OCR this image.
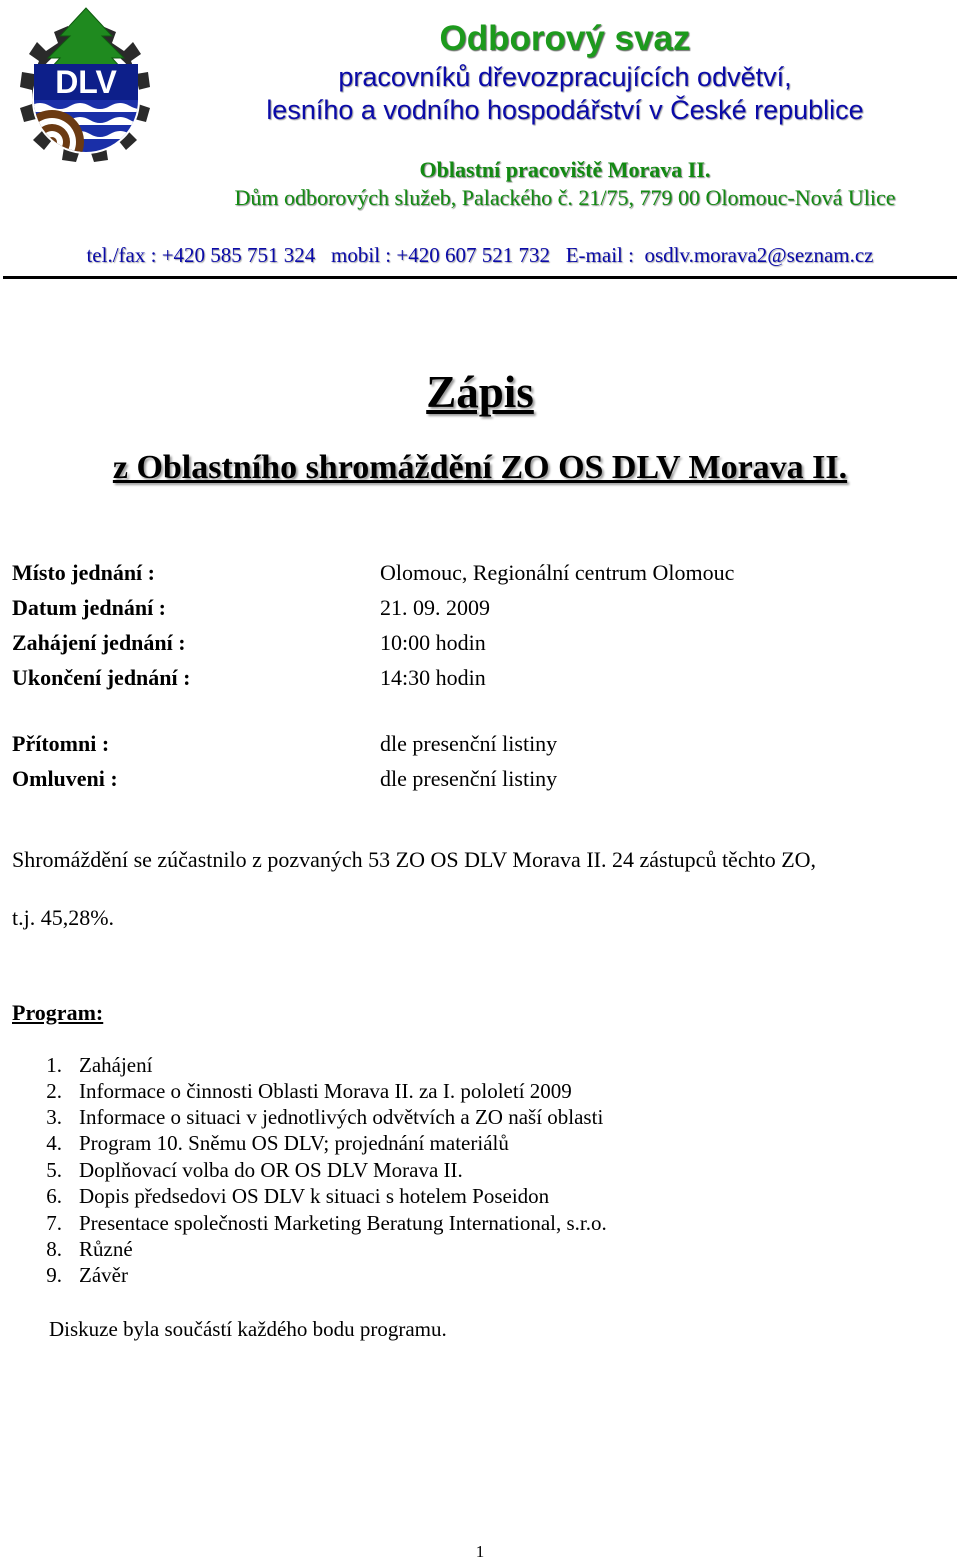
DLV
Odborový svaz
pracovníků dřevozpracujících odvětví,
lesního a vodního hospodářství v České republice
Oblastní pracoviště Morava II.
Dům odborových služeb, Palackého č. 21/75, 779 00 Olomouc-Nová Ulice
tel./fax : +420 585 751 324   mobil : +420 607 521 732   E-mail :  osdlv.morava2@seznam.cz
Zápis
z Oblastního shromáždění ZO OS DLV Morava II.
Místo jednání :	Olomouc, Regionální centrum Olomouc
Datum jednání :	21. 09. 2009
Zahájení jednání :	10:00 hodin
Ukončení jednání :	14:30 hodin
Přítomni :	dle presenční listiny
Omluveni :	dle presenční listiny
Shromáždění se zúčastnilo z pozvaných 53 ZO OS DLV Morava II. 24 zástupců těchto ZO,
t.j. 45,28%.
Program:
1. Zahájení
2. Informace o činnosti Oblasti Morava II. za I. pololetí 2009
3. Informace o situaci v jednotlivých odvětvích a ZO naší oblasti
4. Program 10. Sněmu OS DLV; projednání materiálů
5. Doplňovací volba do OR OS DLV Morava II.
6. Dopis předsedovi OS DLV k situaci s hotelem Poseidon
7. Presentace společnosti Marketing Beratung International, s.r.o.
8. Různé
9. Závěr
Diskuze byla součástí každého bodu programu.
1
